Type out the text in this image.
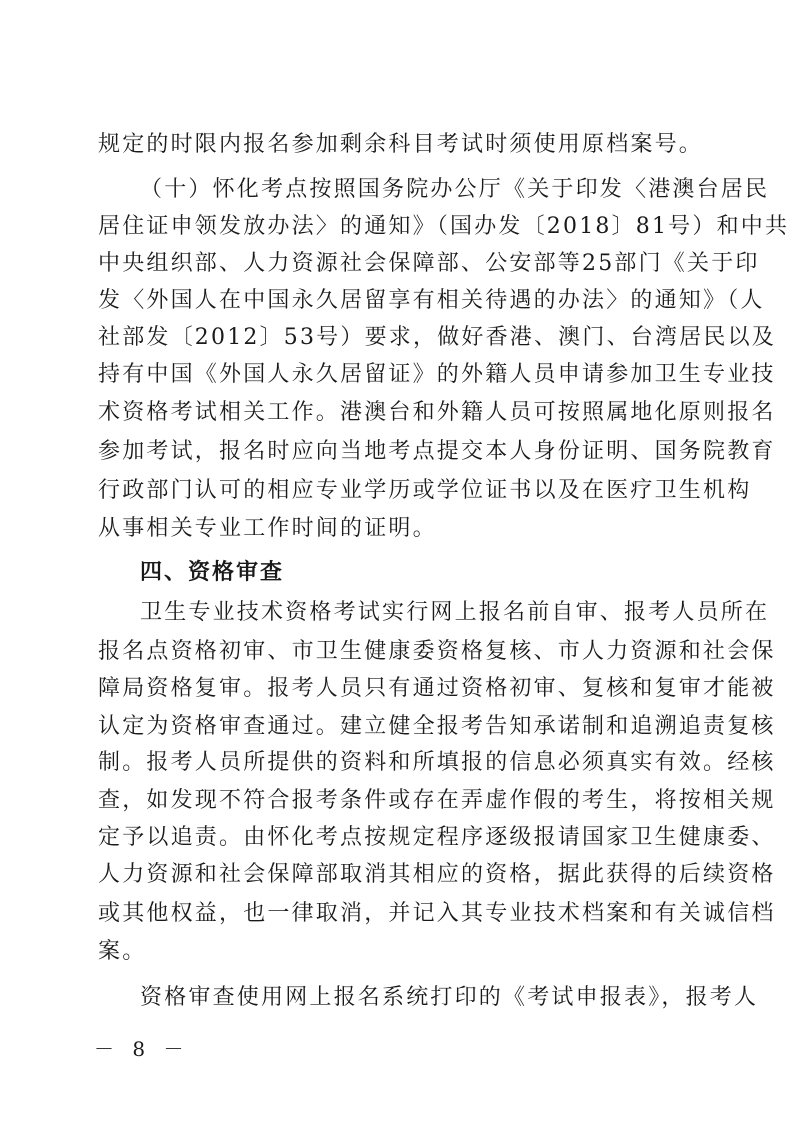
规定的时限内报名参加剩余科目考试时须使用原档案号。
（十）怀化考点按照国务院办公厅《关于印发〈港澳台居民
居住证申领发放办法〉的通知》（国办发〔2018〕81号）和中共
中央组织部、人力资源社会保障部、公安部等25部门《关于印
发〈外国人在中国永久居留享有相关待遇的办法〉的通知》（人
社部发〔2012〕53号）要求，做好香港、澳门、台湾居民以及
持有中国《外国人永久居留证》的外籍人员申请参加卫生专业技
术资格考试相关工作。港澳台和外籍人员可按照属地化原则报名
参加考试，报名时应向当地考点提交本人身份证明、国务院教育
行政部门认可的相应专业学历或学位证书以及在医疗卫生机构
从事相关专业工作时间的证明。
四、资格审查
卫生专业技术资格考试实行网上报名前自审、报考人员所在
报名点资格初审、市卫生健康委资格复核、市人力资源和社会保
障局资格复审。报考人员只有通过资格初审、复核和复审才能被
认定为资格审查通过。建立健全报考告知承诺制和追溯追责复核
制。报考人员所提供的资料和所填报的信息必须真实有效。经核
查，如发现不符合报考条件或存在弄虚作假的考生，将按相关规
定予以追责。由怀化考点按规定程序逐级报请国家卫生健康委、
人力资源和社会保障部取消其相应的资格，据此获得的后续资格
或其他权益，也一律取消，并记入其专业技术档案和有关诚信档
案。
资格审查使用网上报名系统打印的《考试申报表》，报考人
－ 8 －
